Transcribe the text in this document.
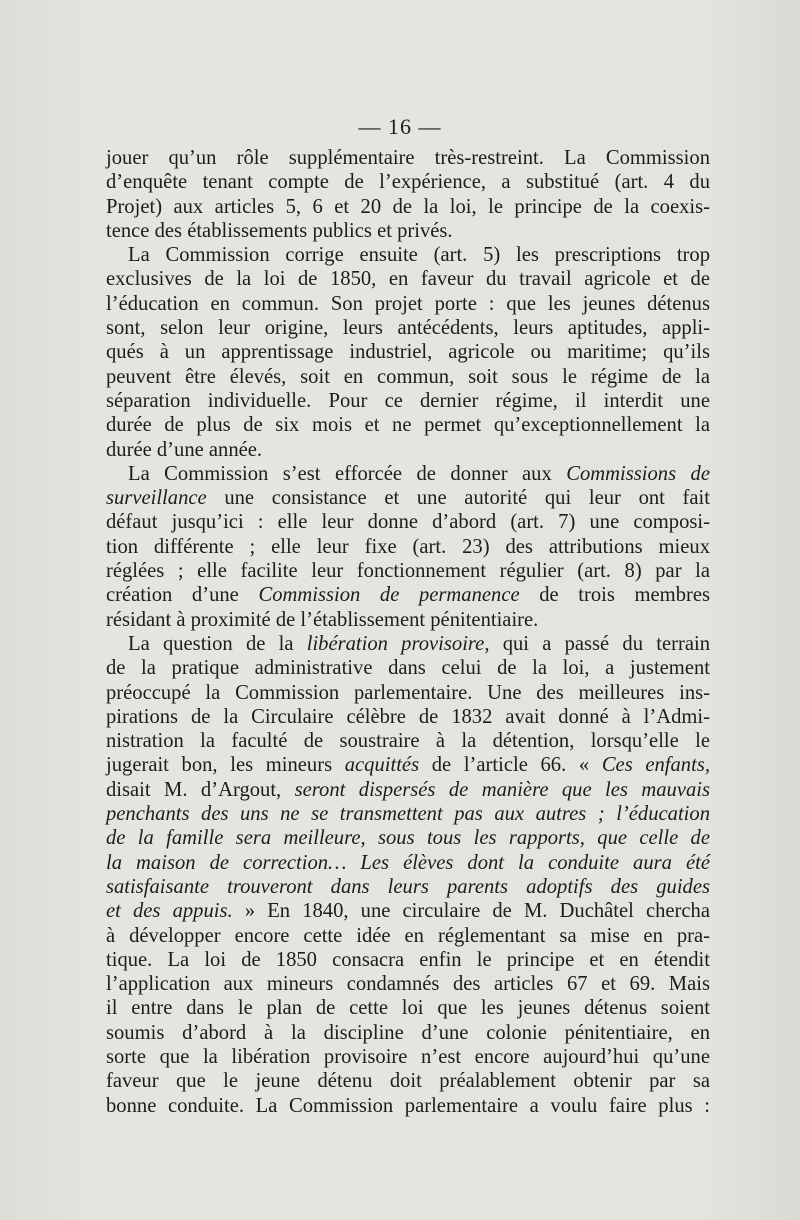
— 16 —
jouer qu’un rôle supplémentaire très-restreint. La Commission
d’enquête tenant compte de l’expérience, a substitué (art. 4 du
Projet) aux articles 5, 6 et 20 de la loi, le principe de la coexis-
tence des établissements publics et privés.
La Commission corrige ensuite (art. 5) les prescriptions trop
exclusives de la loi de 1850, en faveur du travail agricole et de
l’éducation en commun. Son projet porte : que les jeunes détenus
sont, selon leur origine, leurs antécédents, leurs aptitudes, appli-
qués à un apprentissage industriel, agricole ou maritime; qu’ils
peuvent être élevés, soit en commun, soit sous le régime de la
séparation individuelle. Pour ce dernier régime, il interdit une
durée de plus de six mois et ne permet qu’exceptionnellement la
durée d’une année.
La Commission s’est efforcée de donner aux Commissions de
surveillance une consistance et une autorité qui leur ont fait
défaut jusqu’ici : elle leur donne d’abord (art. 7) une composi-
tion différente ; elle leur fixe (art. 23) des attributions mieux
réglées ; elle facilite leur fonctionnement régulier (art. 8) par la
création d’une Commission de permanence de trois membres
résidant à proximité de l’établissement pénitentiaire.
La question de la libération provisoire, qui a passé du terrain
de la pratique administrative dans celui de la loi, a justement
préoccupé la Commission parlementaire. Une des meilleures ins-
pirations de la Circulaire célèbre de 1832 avait donné à l’Admi-
nistration la faculté de soustraire à la détention, lorsqu’elle le
jugerait bon, les mineurs acquittés de l’article 66. « Ces enfants,
disait M. d’Argout, seront dispersés de manière que les mauvais
penchants des uns ne se transmettent pas aux autres ; l’éducation
de la famille sera meilleure, sous tous les rapports, que celle de
la maison de correction… Les élèves dont la conduite aura été
satisfaisante trouveront dans leurs parents adoptifs des guides
et des appuis. » En 1840, une circulaire de M. Duchâtel chercha
à développer encore cette idée en réglementant sa mise en pra-
tique. La loi de 1850 consacra enfin le principe et en étendit
l’application aux mineurs condamnés des articles 67 et 69. Mais
il entre dans le plan de cette loi que les jeunes détenus soient
soumis d’abord à la discipline d’une colonie pénitentiaire, en
sorte que la libération provisoire n’est encore aujourd’hui qu’une
faveur que le jeune détenu doit préalablement obtenir par sa
bonne conduite. La Commission parlementaire a voulu faire plus :
